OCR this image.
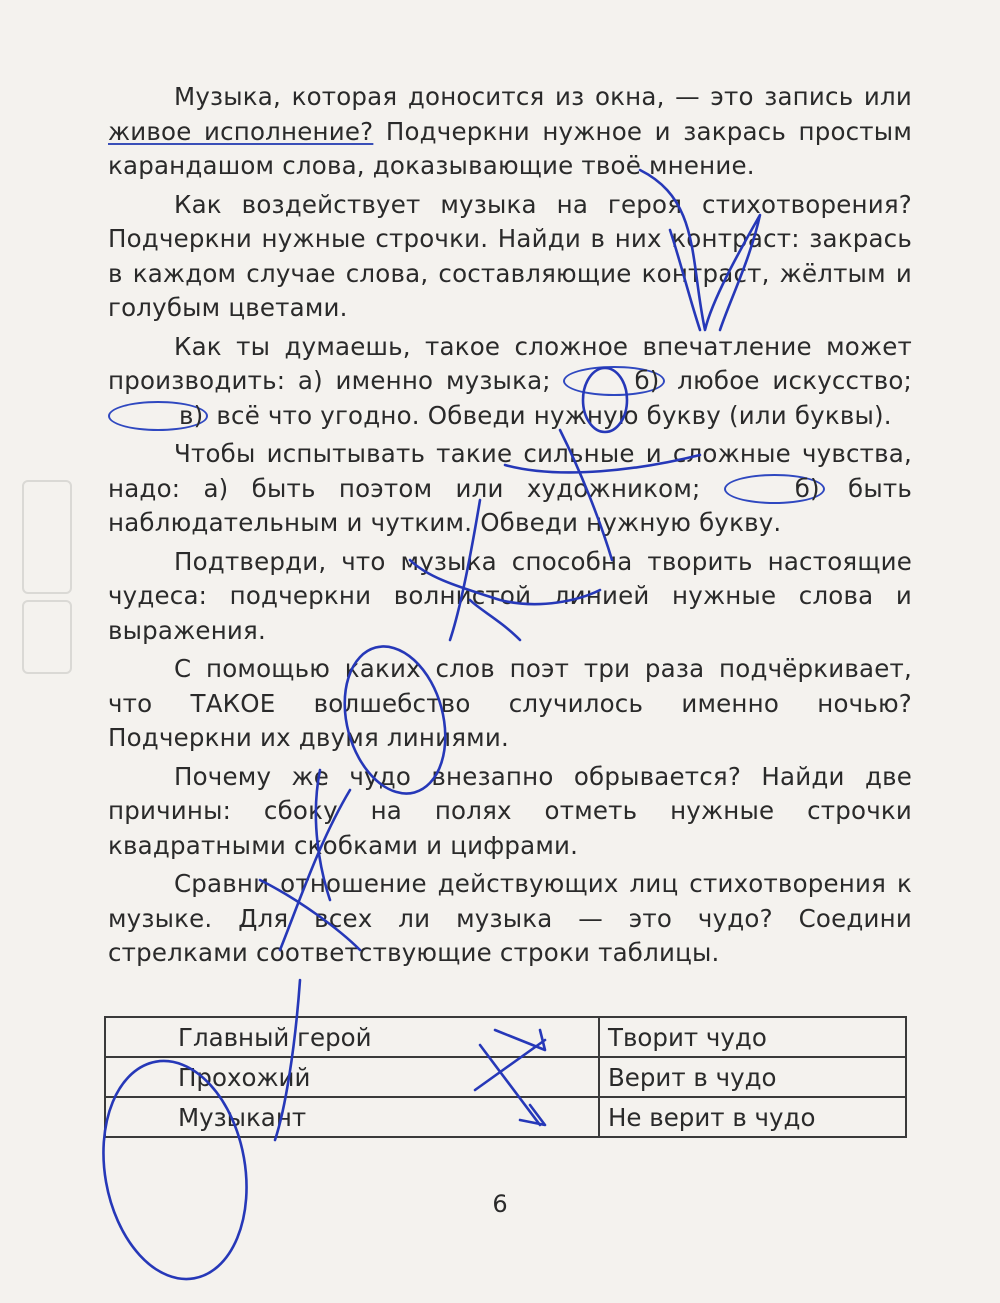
Музыка, которая доносится из окна, — это запись или живое исполнение? Подчеркни нужное и закрась простым карандашом слова, доказывающие твоё мнение.

Как воздействует музыка на героя стихотворения? Подчеркни нужные строчки. Найди в них контраст: закрась в каждом случае слова, составляющие контраст, жёлтым и голубым цветами.

Как ты думаешь, такое сложное впечатление может производить: а) именно музыка;	б) любое искусство; в) всё что угодно. Обведи нужную букву (или буквы).

Чтобы испытывать такие сильные и сложные чувства, надо: а) быть поэтом или художником;	б) быть наблюдательным и чутким. Обведи нужную букву.

Подтверди, что музыка способна творить настоящие чудеса: подчеркни волнистой линией нужные слова и выражения.

С помощью каких слов поэт три раза подчёркивает, что ТАКОЕ волшебство случилось именно ночью? Подчеркни их двумя линиями.

Почему же чудо внезапно обрывается? Найди две причины: сбоку на полях отметь нужные строчки квадратными скобками и цифрами.

Сравни отношение действующих лиц стихотворения к музыке. Для всех ли музыка — это чудо? Соедини стрелками соответствующие строки таблицы.

Главный герой	Творит чудо
Прохожий	Верит в чудо
Музыкант	Не верит в чудо
6
